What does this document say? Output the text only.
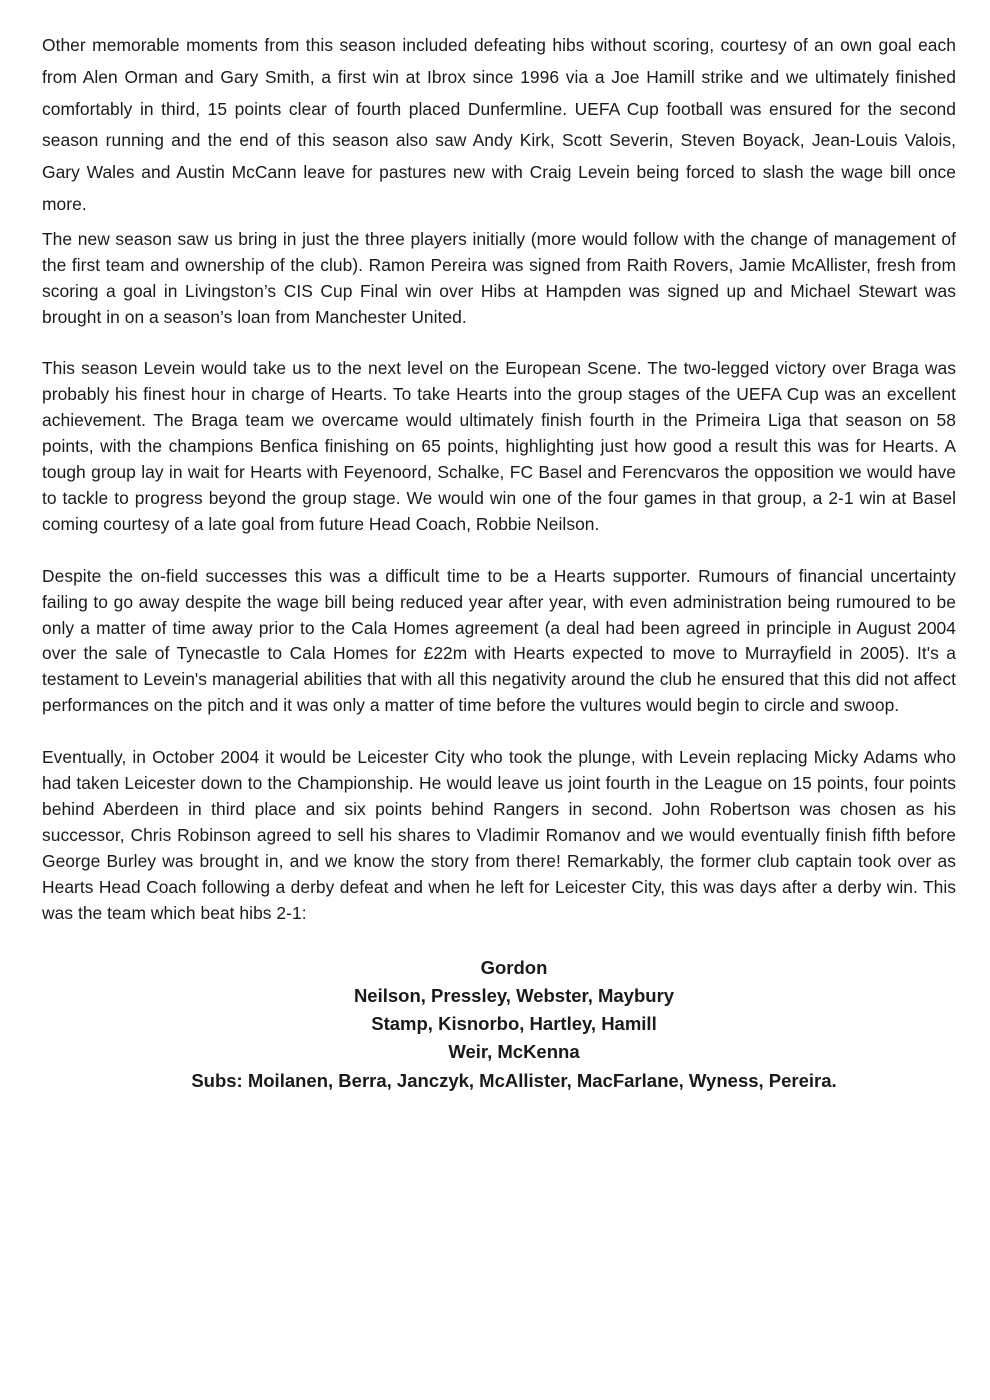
Other memorable moments from this season included defeating hibs without scoring, courtesy of an own goal each from Alen Orman and Gary Smith, a first win at Ibrox since 1996 via a Joe Hamill strike and we ultimately finished comfortably in third, 15 points clear of fourth placed Dunfermline. UEFA Cup football was ensured for the second season running and the end of this season also saw Andy Kirk, Scott Severin, Steven Boyack, Jean-Louis Valois, Gary Wales and Austin McCann leave for pastures new with Craig Levein being forced to slash the wage bill once more.

The new season saw us bring in just the three players initially (more would follow with the change of management of the first team and ownership of the club). Ramon Pereira was signed from Raith Rovers, Jamie McAllister, fresh from scoring a goal in Livingston’s CIS Cup Final win over Hibs at Hampden was signed up and Michael Stewart was brought in on a season’s loan from Manchester United.

This season Levein would take us to the next level on the European Scene. The two-legged victory over Braga was probably his finest hour in charge of Hearts. To take Hearts into the group stages of the UEFA Cup was an excellent achievement. The Braga team we overcame would ultimately finish fourth in the Primeira Liga that season on 58 points, with the champions Benfica finishing on 65 points, highlighting just how good a result this was for Hearts. A tough group lay in wait for Hearts with Feyenoord, Schalke, FC Basel and Ferencvaros the opposition we would have to tackle to progress beyond the group stage. We would win one of the four games in that group, a 2-1 win at Basel coming courtesy of a late goal from future Head Coach, Robbie Neilson.

Despite the on-field successes this was a difficult time to be a Hearts supporter. Rumours of financial uncertainty failing to go away despite the wage bill being reduced year after year, with even administration being rumoured to be only a matter of time away prior to the Cala Homes agreement (a deal had been agreed in principle in August 2004 over the sale of Tynecastle to Cala Homes for £22m with Hearts expected to move to Murrayfield in 2005). It's a testament to Levein's managerial abilities that with all this negativity around the club he ensured that this did not affect performances on the pitch and it was only a matter of time before the vultures would begin to circle and swoop.

Eventually, in October 2004 it would be Leicester City who took the plunge, with Levein replacing Micky Adams who had taken Leicester down to the Championship. He would leave us joint fourth in the League on 15 points, four points behind Aberdeen in third place and six points behind Rangers in second. John Robertson was chosen as his successor, Chris Robinson agreed to sell his shares to Vladimir Romanov and we would eventually finish fifth before George Burley was brought in, and we know the story from there! Remarkably, the former club captain took over as Hearts Head Coach following a derby defeat and when he left for Leicester City, this was days after a derby win. This was the team which beat hibs 2-1:

Gordon
Neilson, Pressley, Webster, Maybury
Stamp, Kisnorbo, Hartley, Hamill
Weir, McKenna
Subs: Moilanen, Berra, Janczyk, McAllister, MacFarlane, Wyness, Pereira.
